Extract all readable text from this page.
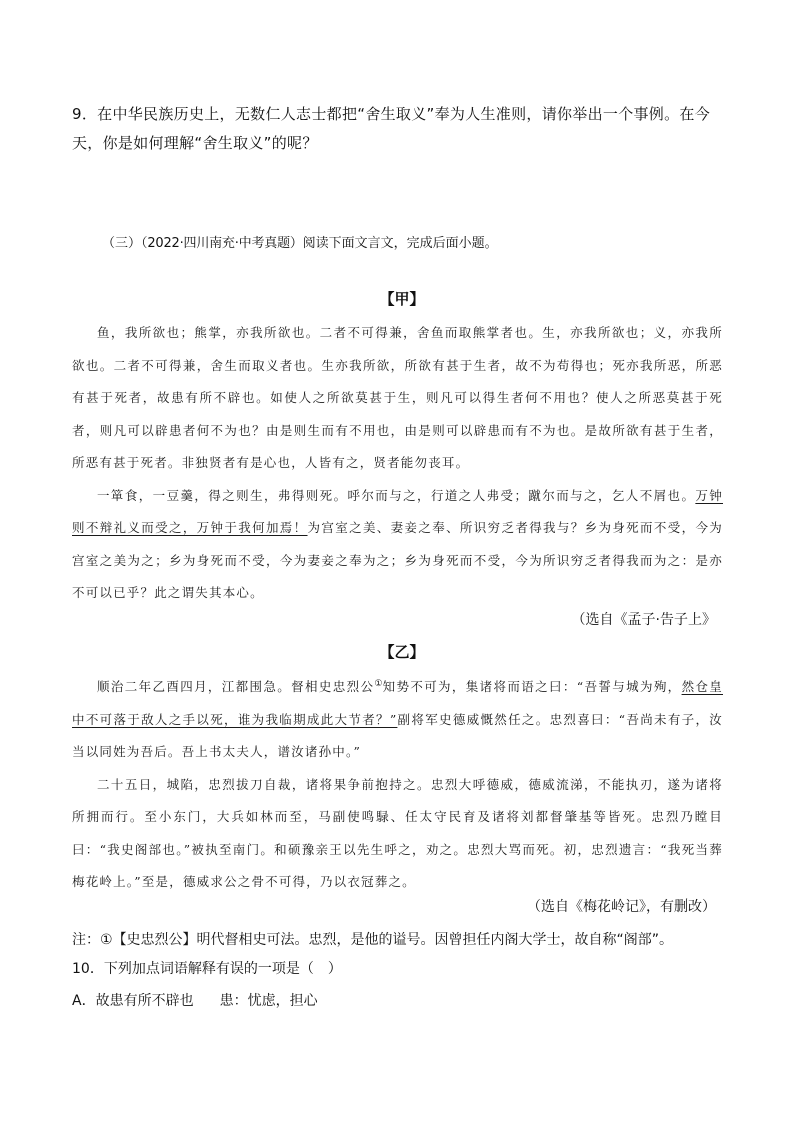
9．在中华民族历史上，无数仁人志士都把“舍生取义”奉为人生准则，请你举出一个事例。在今天，你是如何理解“舍生取义”的呢？
（三）（2022·四川南充·中考真题）阅读下面文言文，完成后面小题。
【甲】

鱼，我所欲也；熊掌，亦我所欲也。二者不可得兼，舍鱼而取熊掌者也。生，亦我所欲也；义，亦我所欲也。二者不可得兼，舍生而取义者也。生亦我所欲，所欲有甚于生者，故不为苟得也；死亦我所恶，所恶有甚于死者，故患有所不辟也。如使人之所欲莫甚于生，则凡可以得生者何不用也？使人之所恶莫甚于死者，则凡可以辟患者何不为也？由是则生而有不用也，由是则可以辟患而有不为也。是故所欲有甚于生者，所恶有甚于死者。非独贤者有是心也，人皆有之，贤者能勿丧耳。

一箪食，一豆羹，得之则生，弗得则死。呼尔而与之，行道之人弗受；蹴尔而与之，乞人不屑也。万钟则不辩礼义而受之，万钟于我何加焉！为宫室之美、妻妾之奉、所识穷乏者得我与？乡为身死而不受，今为宫室之美为之；乡为身死而不受，今为妻妾之奉为之；乡为身死而不受，今为所识穷乏者得我而为之：是亦不可以已乎？此之谓失其本心。

（选自《孟子·告子上》
【乙】

顺治二年乙酉四月，江都围急。督相史忠烈公①知势不可为，集诸将而语之曰：“吾誓与城为殉，然仓皇中不可落于敌人之手以死，谁为我临期成此大节者？”副将军史德威慨然任之。忠烈喜曰：“吾尚未有子，汝当以同姓为吾后。吾上书太夫人，谱汝诸孙中。”

二十五日，城陷，忠烈拔刀自裁，诸将果争前抱持之。忠烈大呼德威，德威流涕，不能执刃，遂为诸将所拥而行。至小东门，大兵如林而至，马副使鸣騄、任太守民育及诸将刘都督肇基等皆死。忠烈乃瞠目曰：“我史阁部也。”被执至南门。和硕豫亲王以先生呼之，劝之。忠烈大骂而死。初，忠烈遗言：“我死当葬梅花岭上。”至是，德威求公之骨不可得，乃以衣冠葬之。

（选自《梅花岭记》，有删改）
注：①【史忠烈公】明代督相史可法。忠烈，是他的谥号。因曾担任内阁大学士，故自称“阁部”。
10．下列加点词语解释有误的一项是（　）
A．故患有所不辟也 患：忧虑，担心
